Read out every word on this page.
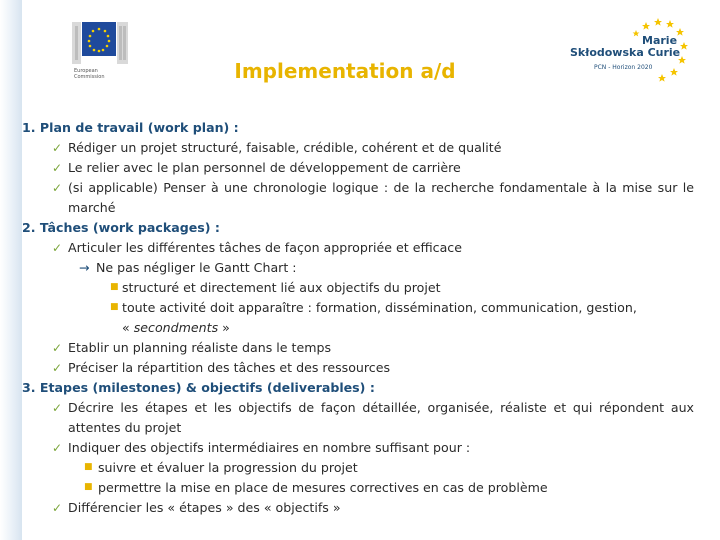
European
Commission
Marie
Skłodowska Curie
PCN - Horizon 2020
Implementation a/d
1. Plan de travail (work plan) :
✓ Rédiger un projet structuré, faisable, crédible, cohérent et de qualité
✓ Le relier avec le plan personnel de développement de carrière
✓ (si applicable) Penser à une chronologie logique : de la recherche fondamentale à la mise sur le marché
2. Tâches (work packages) :
✓ Articuler les différentes tâches de façon appropriée et efficace
→ Ne pas négliger le Gantt Chart :
■ structuré et directement lié aux objectifs du projet
■ toute activité doit apparaître : formation, dissémination, communication, gestion,
« secondments »
✓ Etablir un planning réaliste dans le temps
✓ Préciser la répartition des tâches et des ressources
3. Etapes (milestones) & objectifs (deliverables) :
✓ Décrire les étapes et les objectifs de façon détaillée, organisée, réaliste et qui répondent aux attentes du projet
✓ Indiquer des objectifs intermédiaires en nombre suffisant pour :
■ suivre et évaluer la progression du projet
■ permettre la mise en place de mesures correctives en cas de problème
✓ Différencier les « étapes » des « objectifs »
